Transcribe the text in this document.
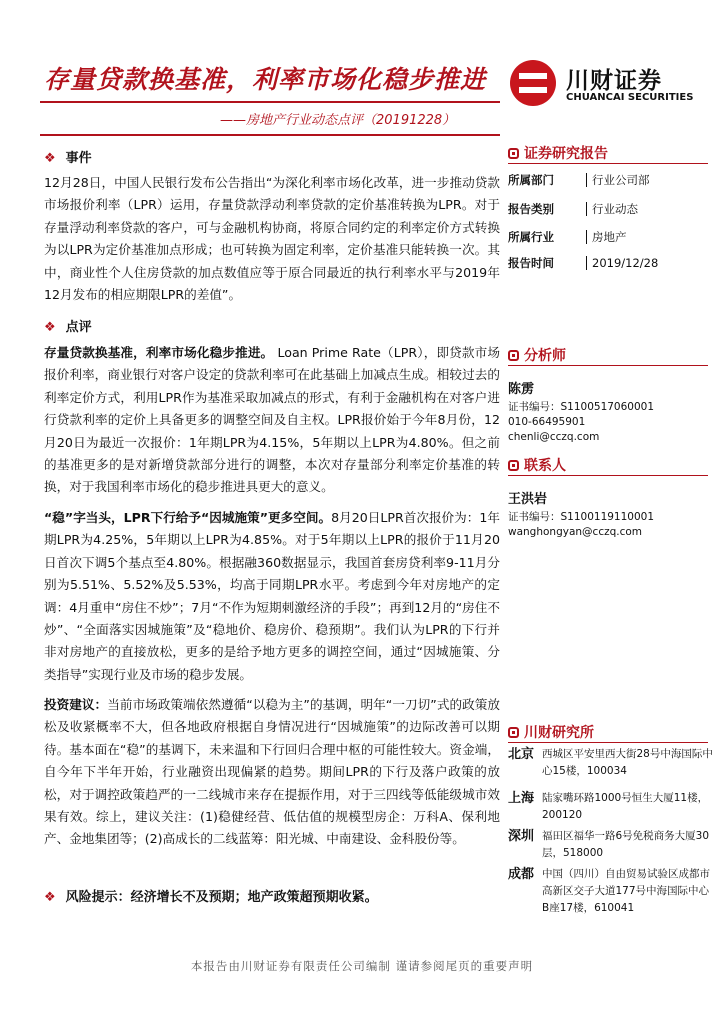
存量贷款换基准，利率市场化稳步推进
——房地产行业动态点评（20191228）
川财证券
CHUANCAI SECURITIES
❖ 事件
12月28日，中国人民银行发布公告指出“为深化利率市场化改革，进一步推动贷款市场报价利率（LPR）运用，存量贷款浮动利率贷款的定价基准转换为LPR。对于存量浮动利率贷款的客户，可与金融机构协商，将原合同约定的利率定价方式转换为以LPR为定价基准加点形成；也可转换为固定利率，定价基准只能转换一次。其中，商业性个人住房贷款的加点数值应等于原合同最近的执行利率水平与2019年12月发布的相应期限LPR的差值”。
❖ 点评
存量贷款换基准，利率市场化稳步推进。 Loan Prime Rate（LPR），即贷款市场报价利率，商业银行对客户设定的贷款利率可在此基础上加减点生成。相较过去的利率定价方式，利用LPR作为基准采取加减点的形式，有利于金融机构在对客户进行贷款利率的定价上具备更多的调整空间及自主权。LPR报价始于今年8月份，12月20日为最近一次报价：1年期LPR为4.15%，5年期以上LPR为4.80%。但之前的基准更多的是对新增贷款部分进行的调整，本次对存量部分利率定价基准的转换，对于我国利率市场化的稳步推进具更大的意义。
“稳”字当头，LPR下行给予“因城施策”更多空间。8月20日LPR首次报价为：1年期LPR为4.25%，5年期以上LPR为4.85%。对于5年期以上LPR的报价于11月20日首次下调5个基点至4.80%。根据融360数据显示，我国首套房贷利率9-11月分别为5.51%、5.52%及5.53%，均高于同期LPR水平。考虑到今年对房地产的定调：4月重申“房住不炒”；7月“不作为短期刺激经济的手段”；再到12月的“房住不炒”、“全面落实因城施策”及“稳地价、稳房价、稳预期”。我们认为LPR的下行并非对房地产的直接放松，更多的是给予地方更多的调控空间，通过“因城施策、分类指导”实现行业及市场的稳步发展。
投资建议：当前市场政策端依然遵循“以稳为主”的基调，明年“一刀切”式的政策放松及收紧概率不大，但各地政府根据自身情况进行“因城施策”的边际改善可以期待。基本面在“稳”的基调下，未来温和下行回归合理中枢的可能性较大。资金端，自今年下半年开始，行业融资出现偏紧的趋势。期间LPR的下行及落户政策的放松，对于调控政策趋严的一二线城市来存在提振作用，对于三四线等低能级城市效果有效。综上，建议关注：(1)稳健经营、低估值的规模型房企：万科A、保利地产、金地集团等；(2)高成长的二线蓝筹：阳光城、中南建设、金科股份等。
❖ 风险提示：经济增长不及预期；地产政策超预期收紧。
证券研究报告
所属部门	行业公司部
报告类别	行业动态
所属行业	房地产
报告时间	2019/12/28
分析师
陈雳
证书编号：S1100517060001
010-66495901
chenli@cczq.com
联系人
王洪岩
证书编号：S1100119110001
wanghongyan@cczq.com
川财研究所
北京 西城区平安里西大街28号中海国际中心15楼，100034
上海 陆家嘴环路1000号恒生大厦11楼，200120
深圳 福田区福华一路6号免税商务大厦30层，518000
成都 中国（四川）自由贸易试验区成都市高新区交子大道177号中海国际中心B座17楼，610041
本报告由川财证券有限责任公司编制 谨请参阅尾页的重要声明
